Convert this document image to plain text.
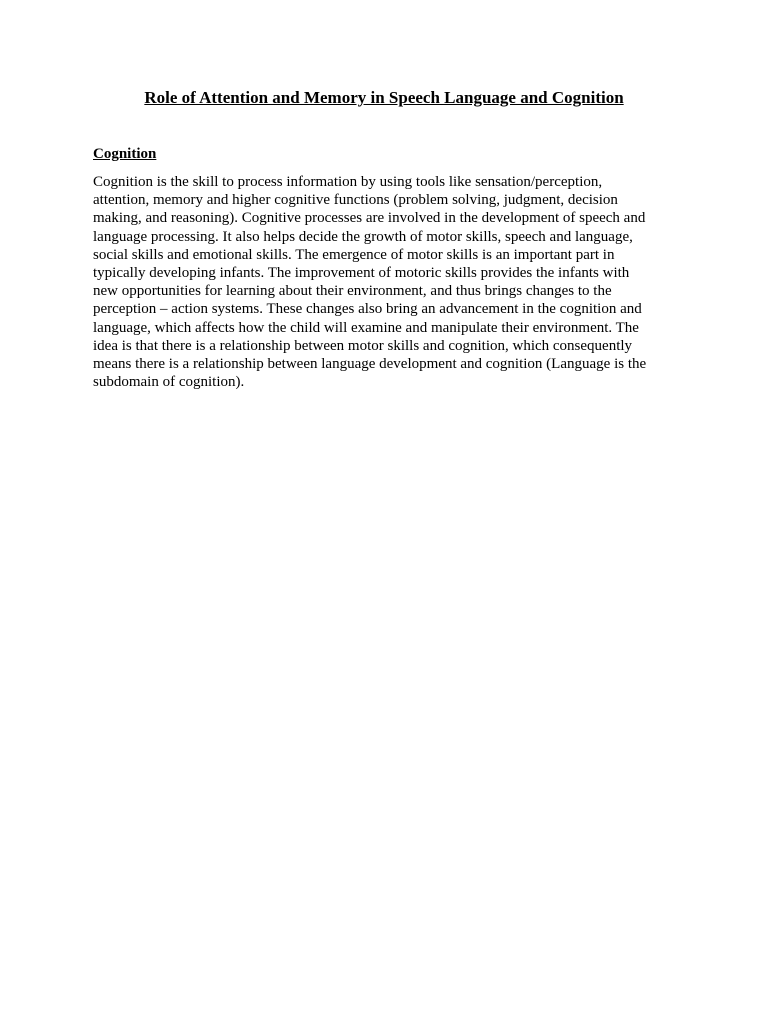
Role of Attention and Memory in Speech Language and Cognition
Cognition

Cognition is the skill to process information by using tools like sensation/perception,
attention, memory and higher cognitive functions (problem solving, judgment, decision
making, and reasoning). Cognitive processes are involved in the development of speech and
language processing. It also helps decide the growth of motor skills, speech and language,
social skills and emotional skills. The emergence of motor skills is an important part in
typically developing infants. The improvement of motoric skills provides the infants with
new opportunities for learning about their environment, and thus brings changes to the
perception – action systems. These changes also bring an advancement in the cognition and
language, which affects how the child will examine and manipulate their environment. The
idea is that there is a relationship between motor skills and cognition, which consequently
means there is a relationship between language development and cognition (Language is the
subdomain of cognition).
